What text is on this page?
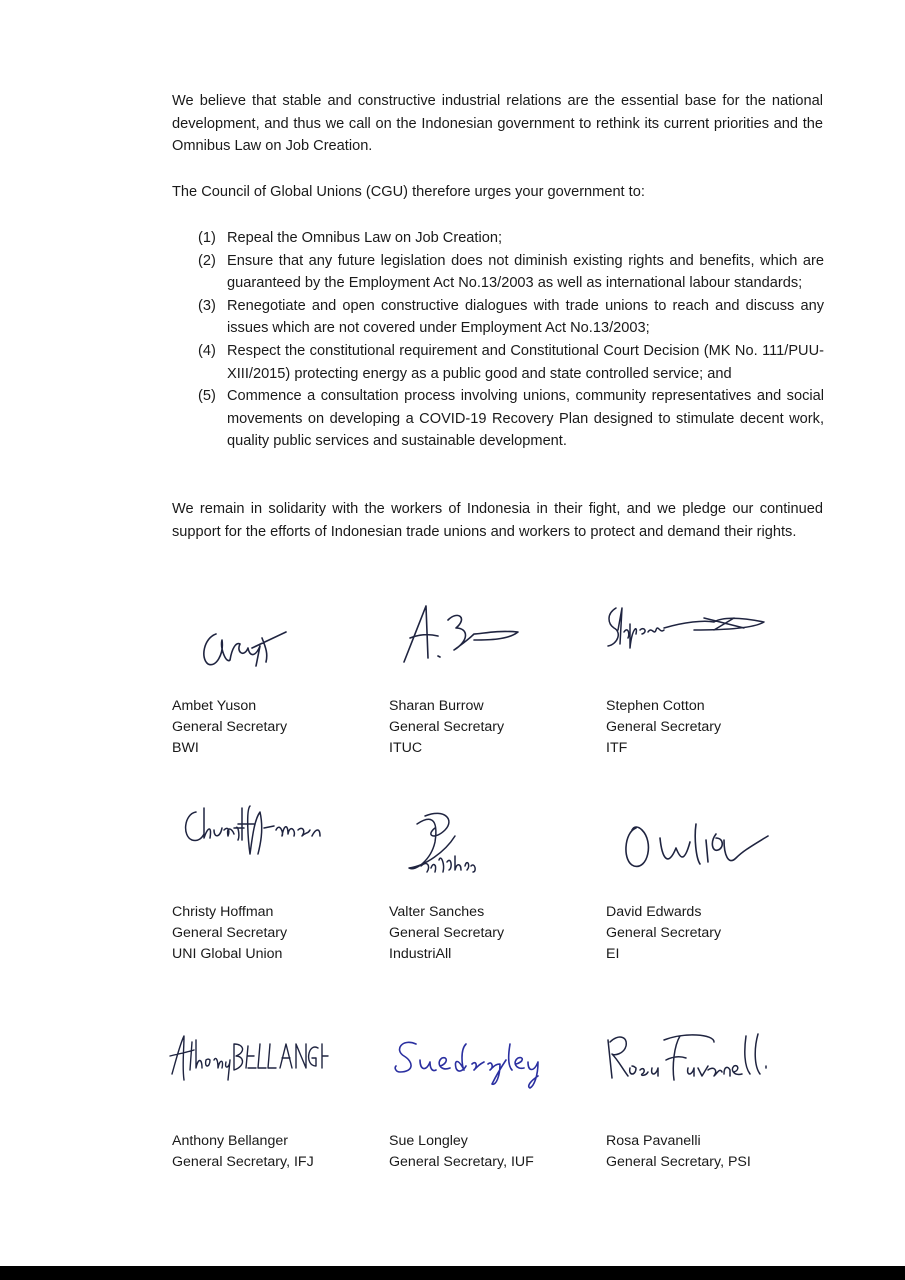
We believe that stable and constructive industrial relations are the essential base for the national development, and thus we call on the Indonesian government to rethink its current priorities and the Omnibus Law on Job Creation.
The Council of Global Unions (CGU) therefore urges your government to:
(1) Repeal the Omnibus Law on Job Creation;
(2) Ensure that any future legislation does not diminish existing rights and benefits, which are guaranteed by the Employment Act No.13/2003 as well as international labour standards;
(3) Renegotiate and open constructive dialogues with trade unions to reach and discuss any issues which are not covered under Employment Act No.13/2003;
(4) Respect the constitutional requirement and Constitutional Court Decision (MK No. 111/PUU-XIII/2015) protecting energy as a public good and state controlled service; and
(5) Commence a consultation process involving unions, community representatives and social movements on developing a COVID-19 Recovery Plan designed to stimulate decent work, quality public services and sustainable development.
We remain in solidarity with the workers of Indonesia in their fight, and we pledge our continued support for the efforts of Indonesian trade unions and workers to protect and demand their rights.
Ambet Yuson
General Secretary
BWI
Sharan Burrow
General Secretary
ITUC
Stephen Cotton
General Secretary
ITF
Christy Hoffman
General Secretary
UNI Global Union
Valter Sanches
General Secretary
IndustriAll
David Edwards
General Secretary
EI
Anthony Bellanger
General Secretary, IFJ
Sue Longley
General Secretary, IUF
Rosa Pavanelli
General Secretary, PSI
